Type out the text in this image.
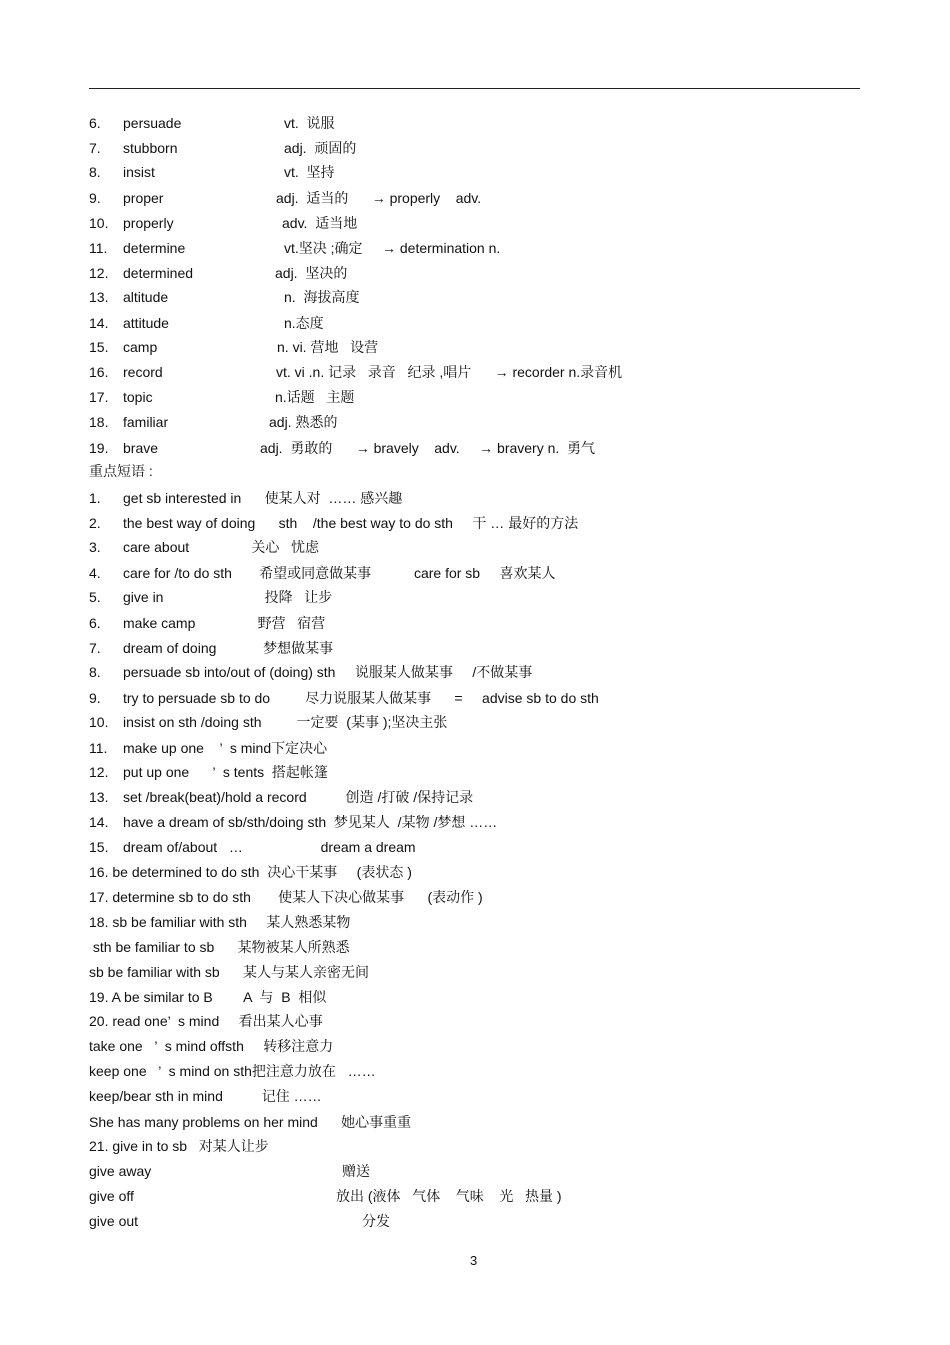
6. persuade	vt.  说服
7. stubborn	adj.  顽固的
8. insist	vt.  坚持
9. proper	adj.  适当的      → properly    adv.
10. properly	adv.  适当地
11. determine	vt.坚决 ;确定     → determination n.
12. determined	adj.  坚决的
13. altitude	n.  海拔高度
14. attitude	n.态度
15. camp	n. vi. 营地   设营
16. record	vt. vi .n. 记录   录音   纪录 ,唱片      → recorder n.录音机
17. topic	n.话题   主题
18. familiar	adj. 熟悉的
19. brave	adj.  勇敢的      → bravely    adv.     → bravery n.  勇气
重点短语 :
1. get sb interested in      使某人对  …… 感兴趣
2. the best way of doing      sth    /the best way to do sth     干 … 最好的方法
3. care about                关心   忧虑
4. care for /to do sth       希望或同意做某事           care for sb     喜欢某人
5. give in                          投降   让步
6. make camp                野营   宿营
7. dream of doing            梦想做某事
8. persuade sb into/out of (doing) sth     说服某人做某事     /不做某事
9. try to persuade sb to do         尽力说服某人做某事      =     advise sb to do sth
10. insist on sth /doing sth         一定要  (某事 );坚决主张
11. make up one    ’  s mind下定决心
12. put up one      ’  s tents  搭起帐篷
13. set /break(beat)/hold a record          创造 /打破 /保持记录
14. have a dream of sb/sth/doing sth  梦见某人  /某物 /梦想 ……
15. dream of/about   …                    dream a dream
16. be determined to do sth  决心干某事     (表状态 )
17. determine sb to do sth       使某人下决心做某事      (表动作 )
18. sb be familiar with sth     某人熟悉某物
sth be familiar to sb      某物被某人所熟悉
sb be familiar with sb      某人与某人亲密无间
19. A be similar to B        A  与  B  相似
20. read one’  s mind     看出某人心事
take one   ’  s mind offsth     转移注意力
keep one   ’  s mind on sth把注意力放在   ……
keep/bear sth in mind          记住 ……
She has many problems on her mind      她心事重重
21. give in to sb   对某人让步
give away	赠送
give off	放出 (液体   气体    气味    光   热量 )
give out	分发
3
